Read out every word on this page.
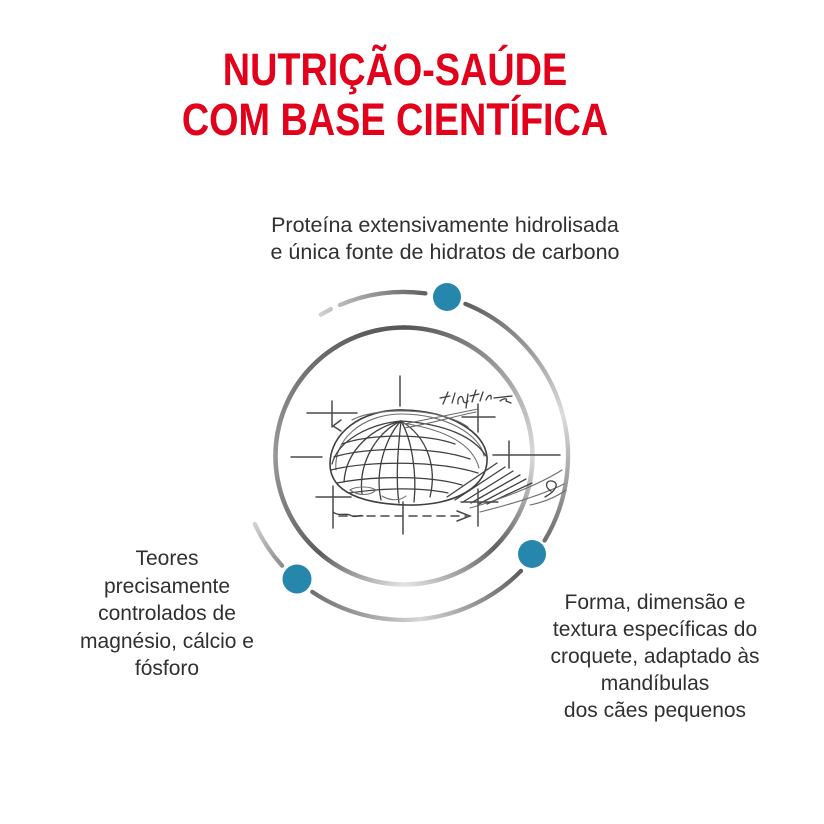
NUTRIÇÃO-SAÚDE
COM BASE CIENTÍFICA

Proteína extensivamente hidrolisada
e única fonte de hidratos de carbono

Teores
precisamente
controlados de
magnésio, cálcio e
fósforo

Forma, dimensão e
textura específicas do
croquete, adaptado às
mandíbulas
dos cães pequenos
